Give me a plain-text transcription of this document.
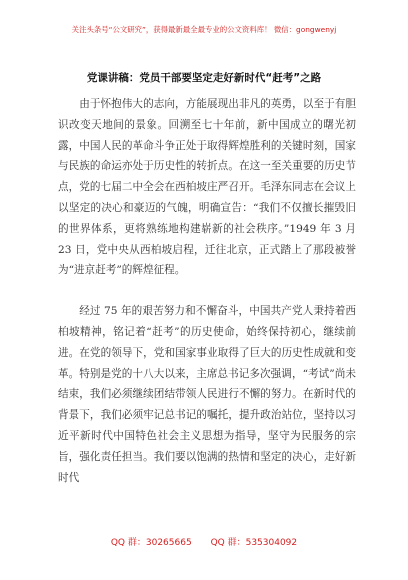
关注头条号“公文研究”，获得最新最全最专业的公文资料库！ 微信：gongwenyj
党课讲稿：党员干部要坚定走好新时代“赶考”之路

由于怀抱伟大的志向，方能展现出非凡的英勇，以至于有胆识改变天地间的景象。回溯至七十年前，新中国成立的曙光初露，中国人民的革命斗争正处于取得辉煌胜利的关键时刻，国家与民族的命运亦处于历史性的转折点。在这一至关重要的历史节点，党的七届二中全会在西柏坡庄严召开。毛泽东同志在会议上以坚定的决心和豪迈的气魄，明确宣告：“我们不仅擅长摧毁旧的世界体系，更将熟练地构建崭新的社会秩序。”1949 年 3 月 23 日，党中央从西柏坡启程，迁往北京，正式踏上了那段被誉为“进京赶考”的辉煌征程。

经过 75 年的艰苦努力和不懈奋斗，中国共产党人秉持着西柏坡精神，铭记着“赶考”的历史使命，始终保持初心，继续前进。在党的领导下，党和国家事业取得了巨大的历史性成就和变革。特别是党的十八大以来，主席总书记多次强调，“考试”尚未结束，我们必须继续团结带领人民进行不懈的努力。在新时代的背景下，我们必须牢记总书记的嘱托，提升政治站位，坚持以习近平新时代中国特色社会主义思想为指导，坚守为民服务的宗旨，强化责任担当。我们要以饱满的热情和坚定的决心，走好新时代

QQ 群：30265665 QQ 群：535304092
